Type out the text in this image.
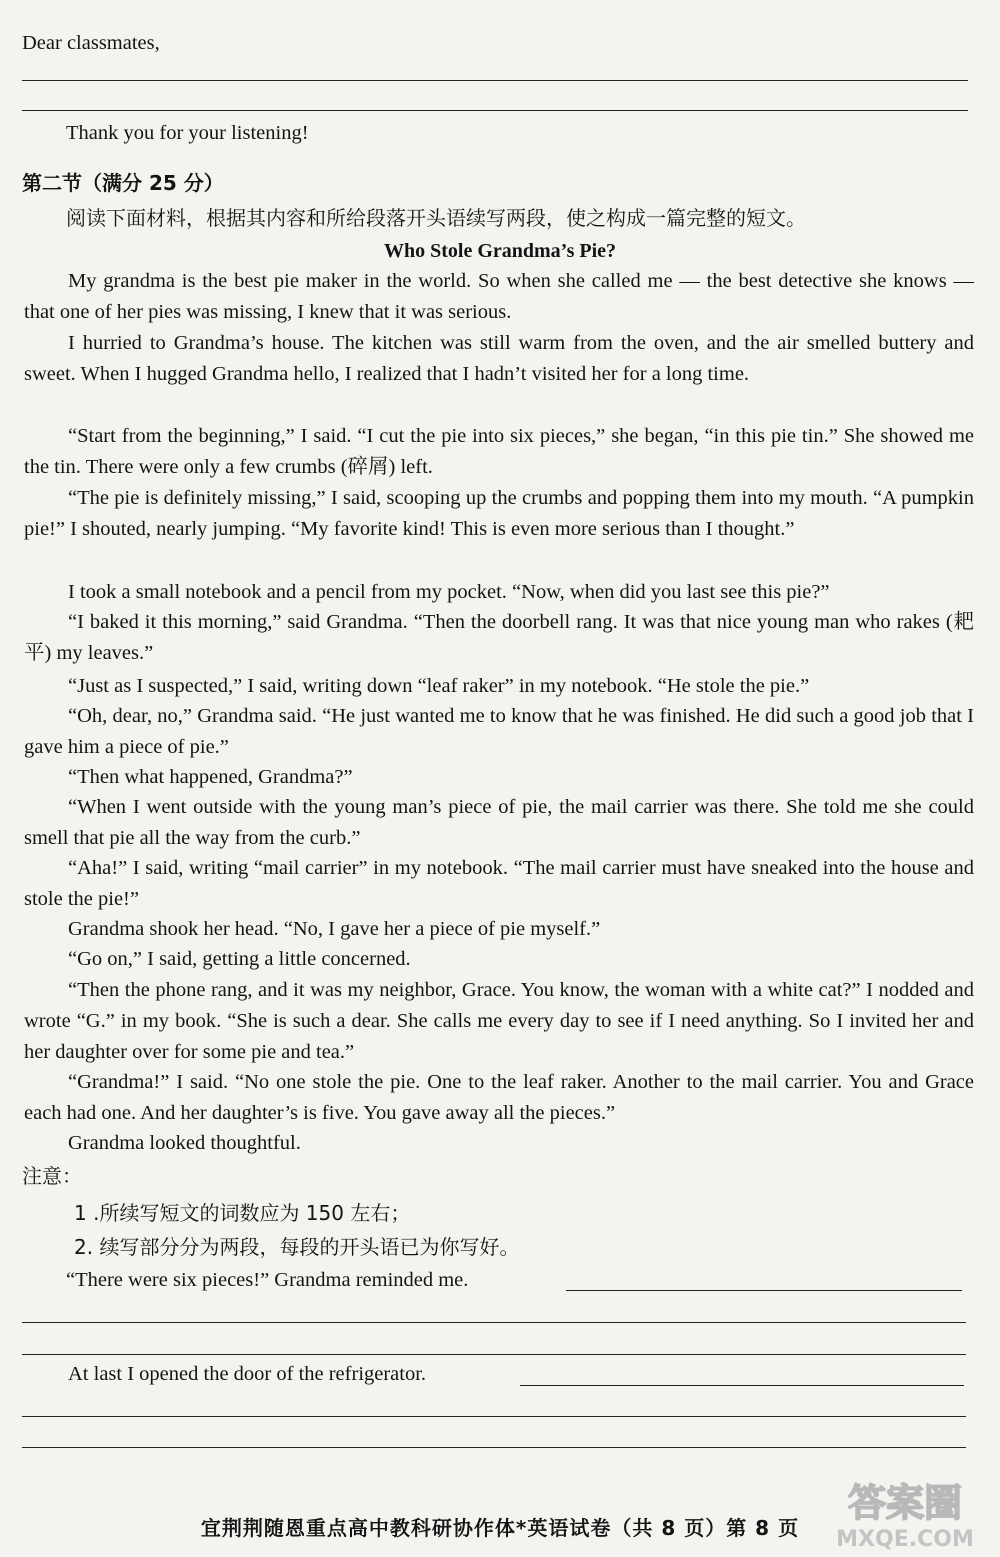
Dear classmates,
Thank you for your listening!
第二节（满分 25 分）
阅读下面材料，根据其内容和所给段落开头语续写两段，使之构成一篇完整的短文。
Who Stole Grandma’s Pie?
My grandma is the best pie maker in the world. So when she called me — the best detective she knows — that one of her pies was missing, I knew that it was serious.
I hurried to Grandma’s house. The kitchen was still warm from the oven, and the air smelled buttery and sweet. When I hugged Grandma hello, I realized that I hadn’t visited her for a long time.
“Start from the beginning,” I said. “I cut the pie into six pieces,” she began, “in this pie tin.” She showed me the tin. There were only a few crumbs (碎屑) left.
“The pie is definitely missing,” I said, scooping up the crumbs and popping them into my mouth. “A pumpkin pie!” I shouted, nearly jumping. “My favorite kind! This is even more serious than I thought.”
I took a small notebook and a pencil from my pocket. “Now, when did you last see this pie?”
“I baked it this morning,” said Grandma. “Then the doorbell rang. It was that nice young man who rakes (耙平) my leaves.”
“Just as I suspected,” I said, writing down “leaf raker” in my notebook. “He stole the pie.”
“Oh, dear, no,” Grandma said. “He just wanted me to know that he was finished. He did such a good job that I gave him a piece of pie.”
“Then what happened, Grandma?”
“When I went outside with the young man’s piece of pie, the mail carrier was there. She told me she could smell that pie all the way from the curb.”
“Aha!” I said, writing “mail carrier” in my notebook. “The mail carrier must have sneaked into the house and stole the pie!”
Grandma shook her head. “No, I gave her a piece of pie myself.”
“Go on,” I said, getting a little concerned.
“Then the phone rang, and it was my neighbor, Grace. You know, the woman with a white cat?” I nodded and wrote “G.” in my book. “She is such a dear. She calls me every day to see if I need anything. So I invited her and her daughter over for some pie and tea.”
“Grandma!” I said. “No one stole the pie. One to the leaf raker. Another to the mail carrier. You and Grace each had one. And her daughter’s is five. You gave away all the pieces.”
Grandma looked thoughtful.
注意：
1 .所续写短文的词数应为 150 左右；
2. 续写部分分为两段，每段的开头语已为你写好。
“There were six pieces!” Grandma reminded me.
At last I opened the door of the refrigerator.
宜荆荆随恩重点高中教科研协作体*英语试卷（共 8 页）第 8 页
答案圈
MXQE.COM
